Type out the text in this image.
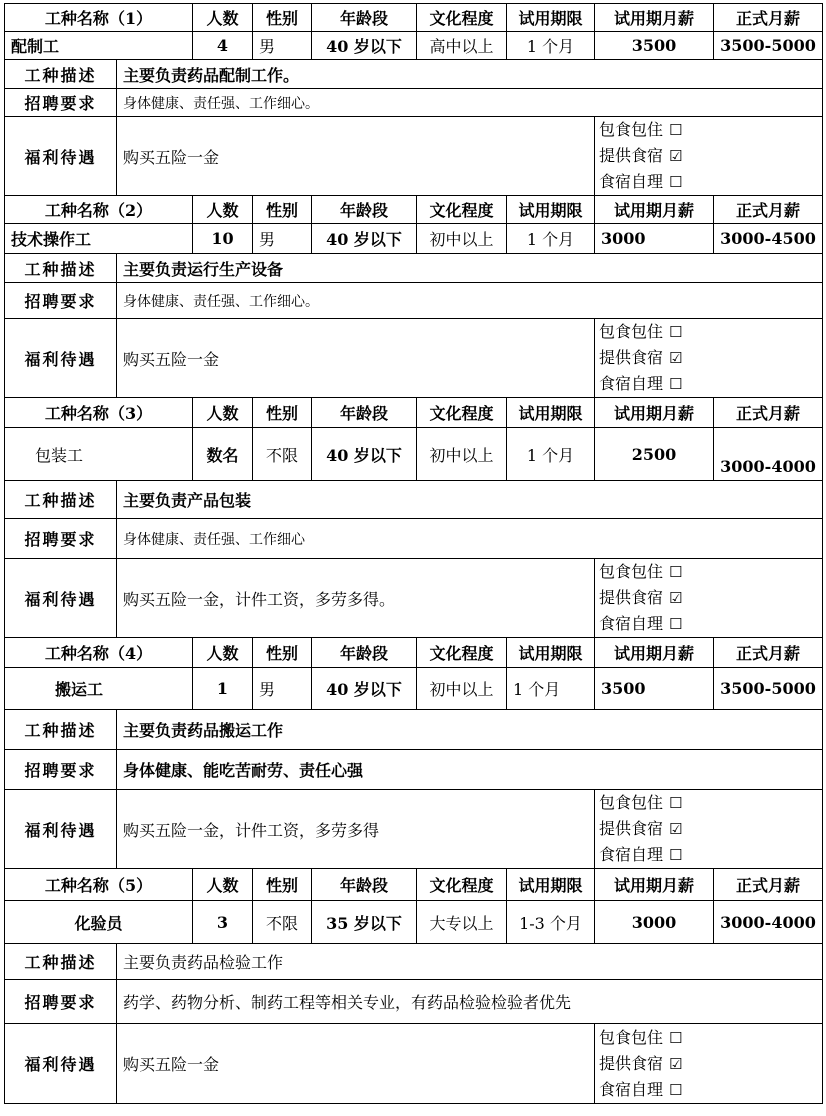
工种名称（1）		人数	性别	年龄段	文化程度	试用期限	试用期月薪	正式月薪
配制工		4	男	40 岁以下	高中以上	1 个月	3500	3500-5000
工种描述	主要负责药品配制工作。							
招聘要求	身体健康、责任强、工作细心。							
福利待遇	购买五险一金						包食包住 ☐
提供食宿 ☑
食宿自理 ☐	

工种名称（2）		人数	性别	年龄段	文化程度	试用期限	试用期月薪	正式月薪
技术操作工		10	男	40 岁以下	初中以上	1 个月	3000	3000-4500
工种描述	主要负责运行生产设备							
招聘要求	身体健康、责任强、工作细心。							
福利待遇	购买五险一金						包食包住 ☐
提供食宿 ☑
食宿自理 ☐	

工种名称（3）		人数	性别	年龄段	文化程度	试用期限	试用期月薪	正式月薪
包装工		数名	不限	40 岁以下	初中以上	1 个月	2500	3000-4000
工种描述	主要负责产品包装							
招聘要求	身体健康、责任强、工作细心							
福利待遇	购买五险一金，计件工资，多劳多得。						包食包住 ☐
提供食宿 ☑
食宿自理 ☐	

工种名称（4）		人数	性别	年龄段	文化程度	试用期限	试用期月薪	正式月薪
搬运工		1	男	40 岁以下	初中以上	1 个月	3500	3500-5000
工种描述	主要负责药品搬运工作							
招聘要求	身体健康、能吃苦耐劳、责任心强							
福利待遇	购买五险一金，计件工资，多劳多得						包食包住 ☐
提供食宿 ☑
食宿自理 ☐	

工种名称（5）		人数	性别	年龄段	文化程度	试用期限	试用期月薪	正式月薪
化验员		3	不限	35 岁以下	大专以上	1-3 个月	3000	3000-4000
工种描述	主要负责药品检验工作							
招聘要求	药学、药物分析、制药工程等相关专业，有药品检验检验者优先							
福利待遇	购买五险一金						包食包住 ☐
提供食宿 ☑
食宿自理 ☐	
